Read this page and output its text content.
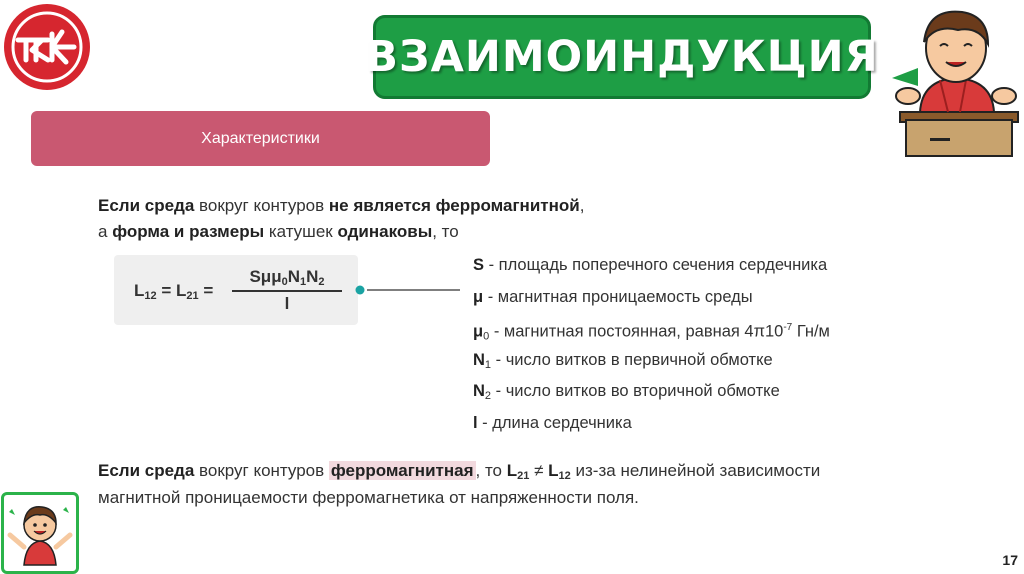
ВЗАИМОИНДУКЦИЯ
Характеристики
Если среда вокруг контуров не является ферромагнитной,
а форма и размеры катушек одинаковы, то
$L_{12} = L_{21}$ =
$S\mu\mu_0N_1N_2$
l
S - площадь поперечного сечения сердечника
μ - магнитная проницаемость среды
$\mu_0$ - магнитная постоянная, равная $4\pi 10^{-7}$ Гн/м
$N_1$ - число витков в первичной обмотке
$N_2$ - число витков во вторичной обмотке
l - длина сердечника
Если среда вокруг контуров ферромагнитная , то $L_{21} \ne L_{12}$ из-за нелинейной зависимости
магнитной проницаемости ферромагнетика от напряженности поля.
17
